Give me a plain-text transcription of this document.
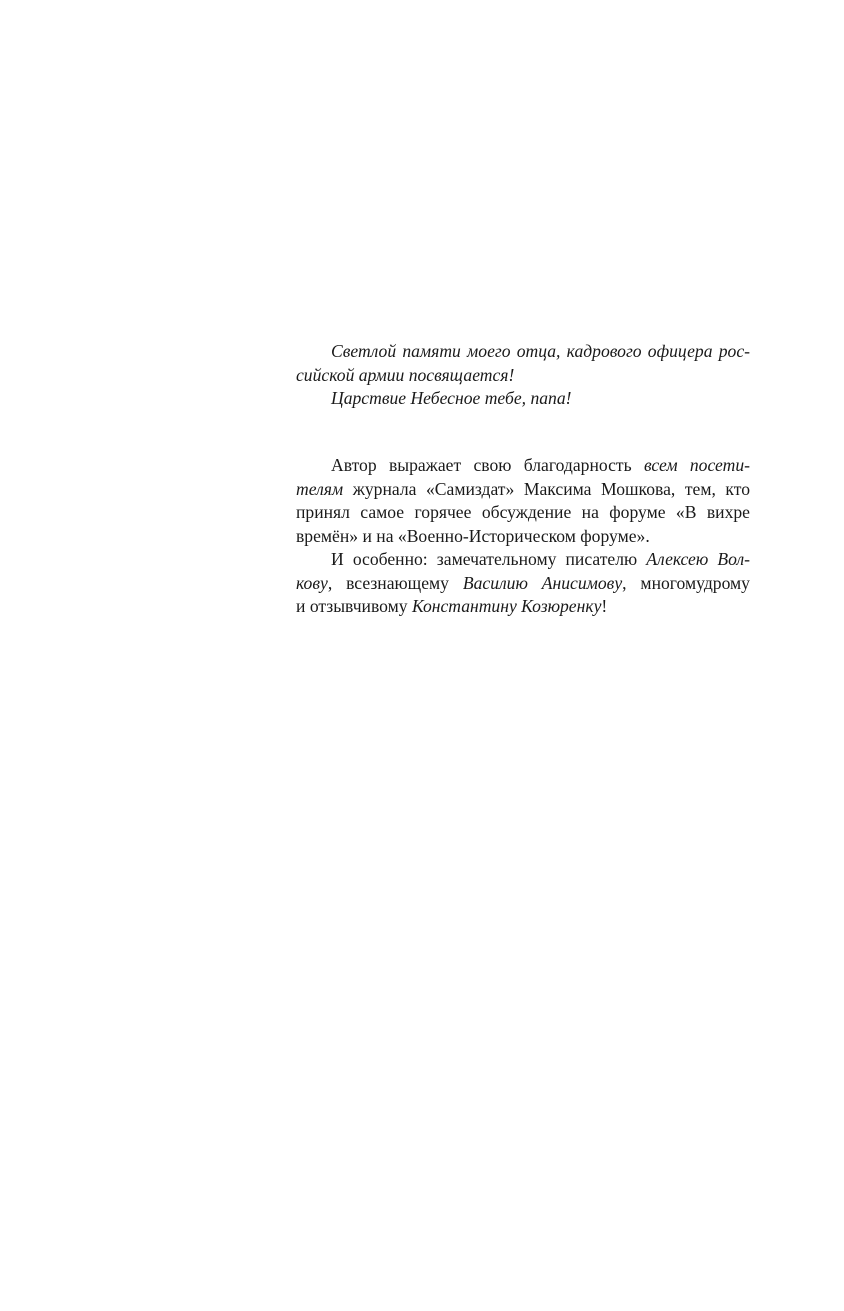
Светлой памяти моего отца, кадрового офицера рос-
сийской армии посвящается!
Царствие Небесное тебе, папа!
Автор выражает свою благодарность всем посети-
телям журнала «Самиздат» Максима Мошкова, тем, кто
принял самое горячее обсуждение на форуме «В вихре
времён» и на «Военно-Историческом форуме».
И особенно: замечательному писателю Алексею Вол-
кову, всезнающему Василию Анисимову, многомудрому
и отзывчивому Константину Козюренку!
